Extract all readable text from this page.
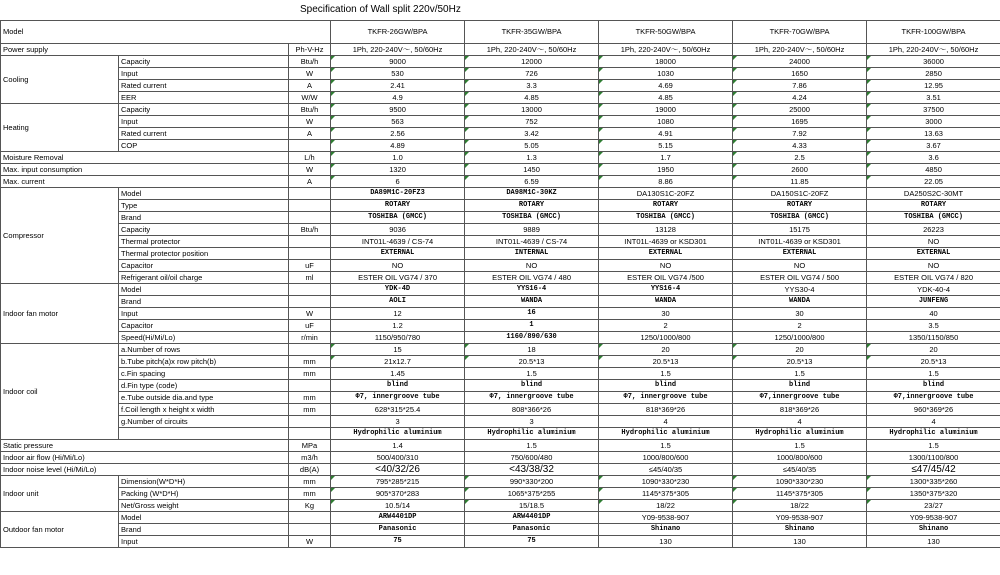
Specification of Wall split 220v/50Hz
Model			TKFR-26GW/BPA	TKFR-35GW/BPA	TKFR-50GW/BPA	TKFR-70GW/BPA	TKFR-100GW/BPA
Power supply		Ph-V-Hz	1Ph, 220-240V～, 50/60Hz	1Ph, 220-240V～, 50/60Hz	1Ph, 220-240V～, 50/60Hz	1Ph, 220-240V～, 50/60Hz	1Ph, 220-240V～, 50/60Hz
Cooling	Capacity	Btu/h	9000	12000	18000	24000	36000
	Input	W	530	726	1030	1650	2850
	Rated current	A	2.41	3.3	4.69	7.86	12.95
	EER	W/W	4.9	4.85	4.85	4.24	3.51
Heating	Capacity	Btu/h	9500	13000	19000	25000	37500
	Input	W	563	752	1080	1695	3000
	Rated current	A	2.56	3.42	4.91	7.92	13.63
	COP		4.89	5.05	5.15	4.33	3.67
Moisture Removal		L/h	1.0	1.3	1.7	2.5	3.6
Max. input consumption		W	1320	1450	1950	2600	4850
Max. current		A	6	6.59	8.86	11.85	22.05
Compressor	Model		DA89M1C-20FZ3	DA98M1C-30KZ	DA130S1C-20FZ	DA150S1C-20FZ	DA250S2C-30MT
	Type		ROTARY	ROTARY	ROTARY	ROTARY	ROTARY
	Brand		TOSHIBA (GMCC)	TOSHIBA (GMCC)	TOSHIBA (GMCC)	TOSHIBA (GMCC)	TOSHIBA (GMCC)
	Capacity	Btu/h	9036	9889	13128	15175	26223
	Thermal protector		INT01L-4639 / CS-74	INT01L-4639 / CS-74	INT01L-4639 or KSD301	INT01L-4639 or KSD301	NO
	Thermal protector position		EXTERNAL	INTERNAL	EXTERNAL	EXTERNAL	EXTERNAL
	Capacitor	uF	NO	NO	NO	NO	NO
	Refrigerant oil/oil charge	ml	ESTER OIL VG74 / 370	ESTER OIL VG74 / 480	ESTER OIL VG74 /500	ESTER OIL VG74 / 500	ESTER OIL VG74 / 820
Indoor fan motor	Model		YDK-4D	YYS16-4	YYS16-4	YYS30-4	YDK-40-4
	Brand		AOLI	WANDA	WANDA	WANDA	JUNFENG
	Input	W	12	16	30	30	40
	Capacitor	uF	1.2	1	2	2	3.5
	Speed(Hi/Mi/Lo)	r/min	1150/950/780	1160/890/630	1250/1000/800	1250/1000/800	1350/1150/850
Indoor coil	a.Number of rows		15	18	20	20	20
	b.Tube pitch(a)x row pitch(b)	mm	21x12.7	20.5*13	20.5*13	20.5*13	20.5*13
	c.Fin spacing	mm	1.45	1.5	1.5	1.5	1.5
	d.Fin type (code)		blind	blind	blind	blind	blind
	e.Tube outside dia.and type	mm	Φ7, innergroove tube	Φ7, innergroove tube	Φ7, innergroove tube	Φ7,innergroove tube	Φ7,innergroove tube
	f.Coil length x height x width	mm	628*315*25.4	808*366*26	818*369*26	818*369*26	960*369*26
	g.Number of circuits		3	3	4	4	4
			Hydrophilic aluminium	Hydrophilic aluminium	Hydrophilic aluminium	Hydrophilic aluminium	Hydrophilic aluminium
Static pressure		MPa	1.4	1.5	1.5	1.5	1.5
Indoor air flow (Hi/Mi/Lo)		m3/h	500/400/310	750/600/480	1000/800/600	1000/800/600	1300/1100/800
Indoor noise level (Hi/Mi/Lo)		dB(A)	<40/32/26	<43/38/32	≤45/40/35	≤45/40/35	≤47/45/42
Indoor unit	Dimension(W*D*H)	mm	795*285*215	990*330*200	1090*330*230	1090*330*230	1300*335*260
	Packing (W*D*H)	mm	905*370*283	1065*375*255	1145*375*305	1145*375*305	1350*375*320
	Net/Gross weight	Kg	10.5/14	15/18.5	18/22	18/22	23/27
Outdoor fan motor	Model		ARW4401DP	ARW4401DP	Y09-9538-907	Y09-9538-907	Y09-9538-907
	Brand		Panasonic	Panasonic	Shinano	Shinano	Shinano
	Input	W	75	75	130	130	130
